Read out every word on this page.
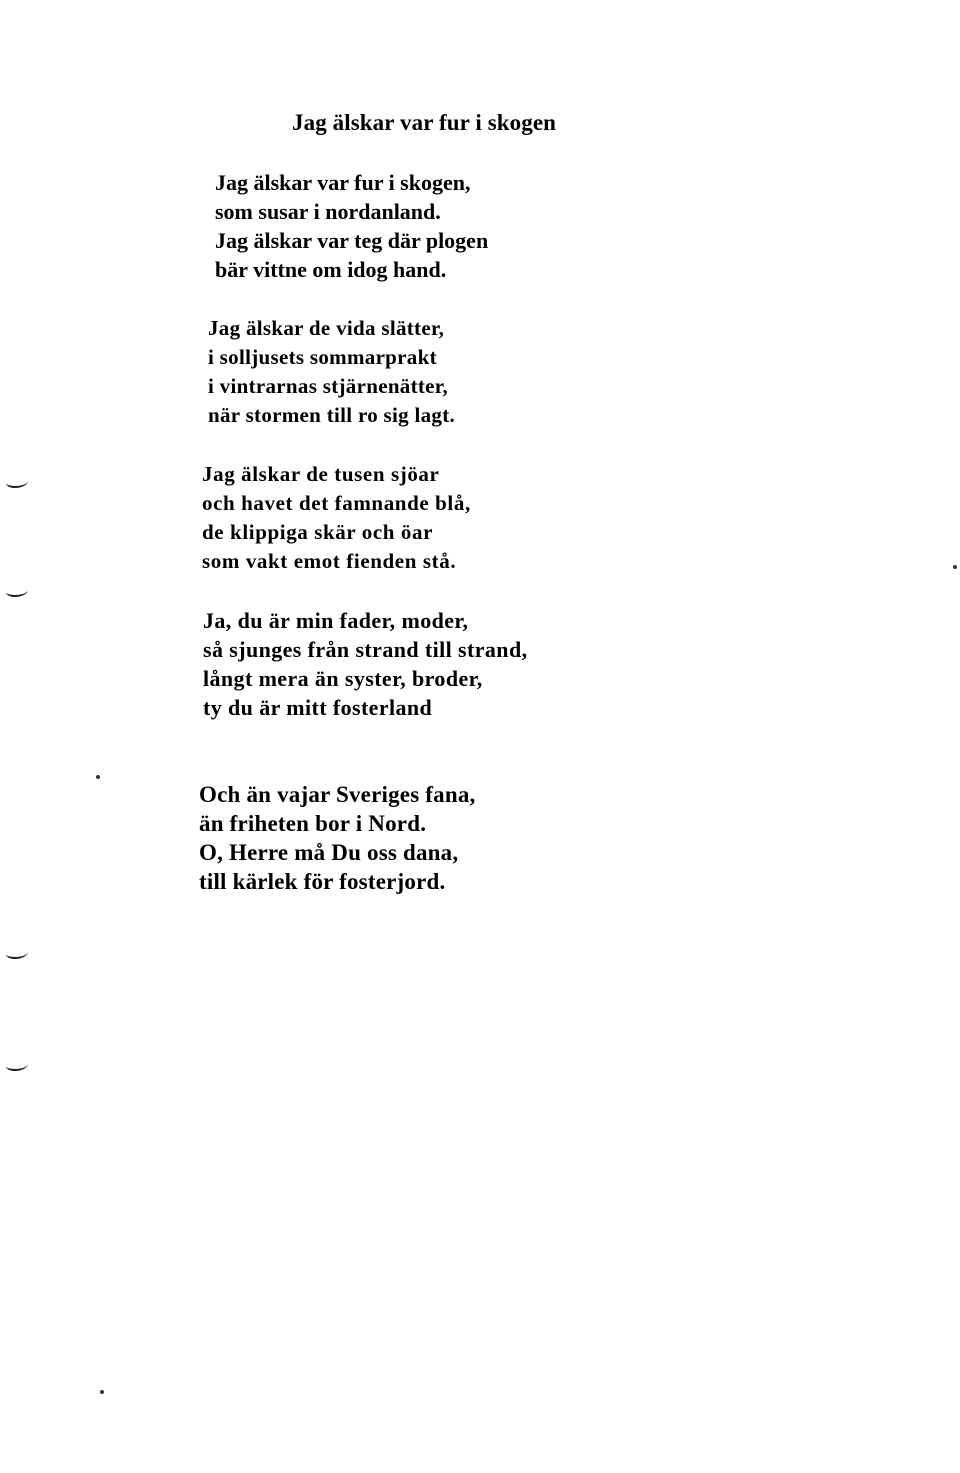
Jag älskar var fur i skogen
Jag älskar var fur i skogen,
som susar i nordanland.
Jag älskar var teg där plogen
bär vittne om idog hand.
Jag älskar de vida slätter,
i solljusets sommarprakt
i vintrarnas stjärnenätter,
när stormen till ro sig lagt.
Jag älskar de tusen sjöar
och havet det famnande blå,
de klippiga skär och öar
som vakt emot fienden stå.
Ja, du är min fader, moder,
så sjunges från strand till strand,
långt mera än syster, broder,
ty du är mitt fosterland
Och än vajar Sveriges fana,
än friheten bor i Nord.
O, Herre må Du oss dana,
till kärlek för fosterjord.
